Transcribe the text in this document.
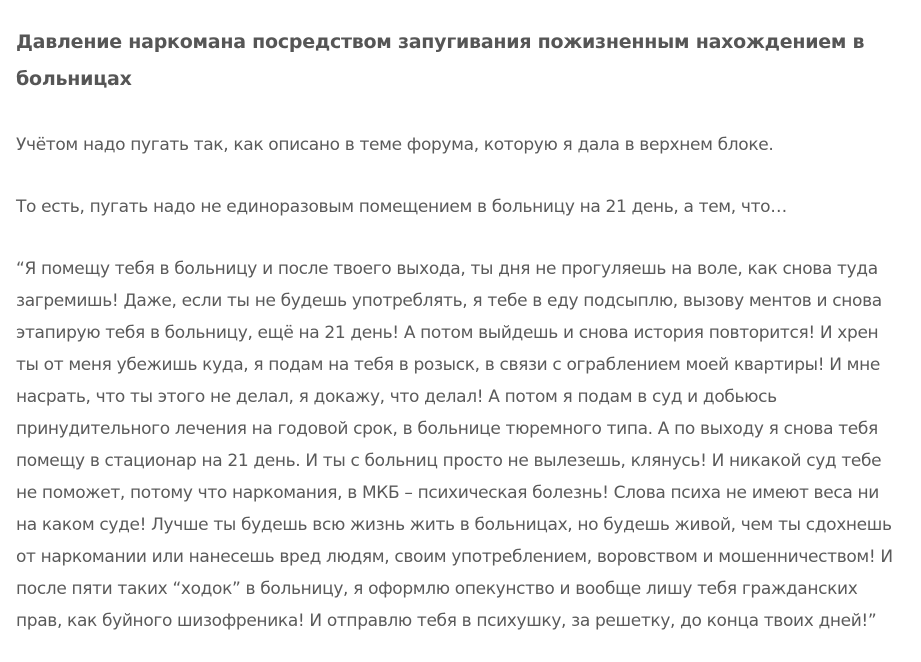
Давление наркомана посредством запугивания пожизненным нахождением в больницах

Учётом надо пугать так, как описано в теме форума, которую я дала в верхнем блоке.

То есть, пугать надо не единоразовым помещением в больницу на 21 день, а тем, что…

“Я помещу тебя в больницу и после твоего выхода, ты дня не прогуляешь на воле, как снова туда загремишь! Даже, если ты не будешь употреблять, я тебе в еду подсыплю, вызову ментов и снова этапирую тебя в больницу, ещё на 21 день! А потом выйдешь и снова история повторится! И хрен ты от меня убежишь куда, я подам на тебя в розыск, в связи с ограблением моей квартиры! И мне насрать, что ты этого не делал, я докажу, что делал! А потом я подам в суд и добьюсь принудительного лечения на годовой срок, в больнице тюремного типа. А по выходу я снова тебя помещу в стационар на 21 день. И ты с больниц просто не вылезешь, клянусь! И никакой суд тебе не поможет, потому что наркомания, в МКБ – психическая болезнь! Слова психа не имеют веса ни на каком суде! Лучше ты будешь всю жизнь жить в больницах, но будешь живой, чем ты сдохнешь от наркомании или нанесешь вред людям, своим употреблением, воровством и мошенничеством! И после пяти таких “ходок” в больницу, я оформлю опекунство и вообще лишу тебя гражданских прав, как буйного шизофреника! И отправлю тебя в психушку, за решетку, до конца твоих дней!”
